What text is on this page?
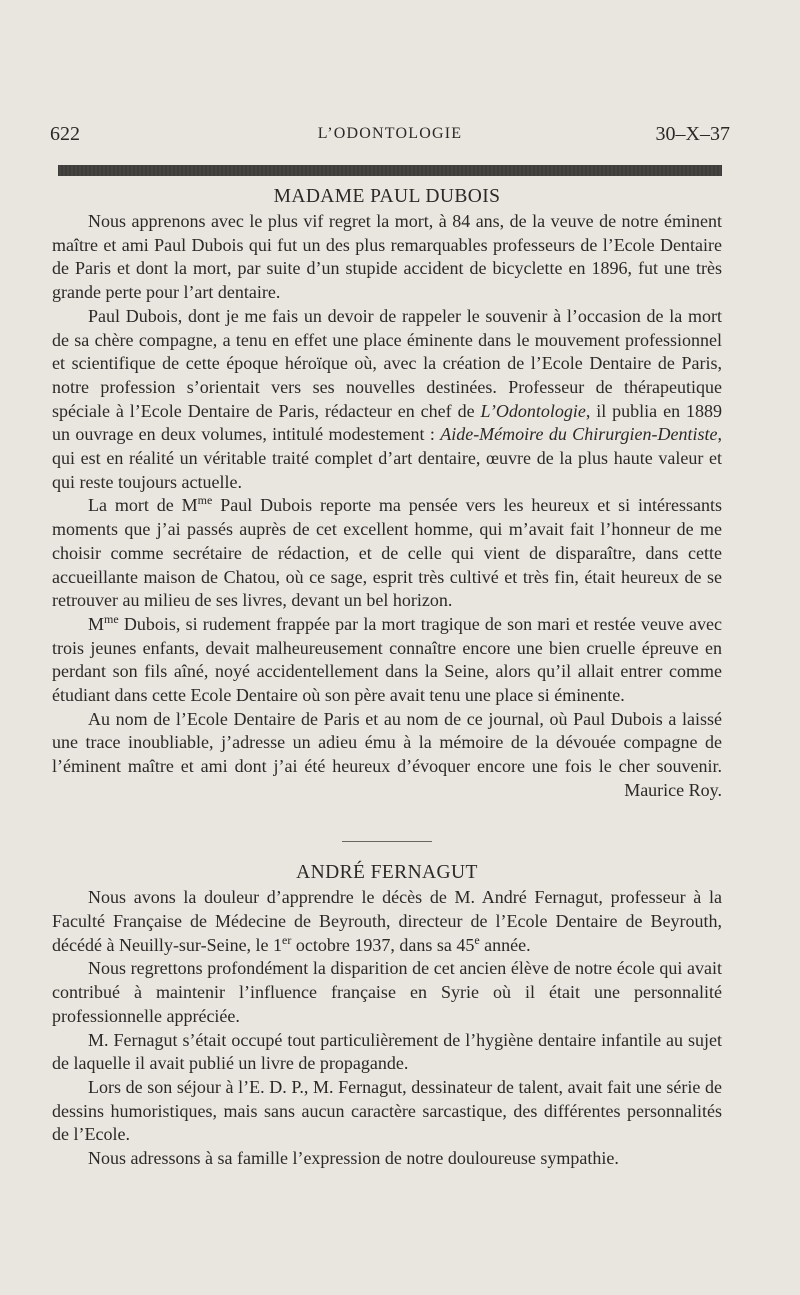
622	L’ODONTOLOGIE	30–X–37
MADAME PAUL DUBOIS

Nous apprenons avec le plus vif regret la mort, à 84 ans, de la veuve de notre éminent maître et ami Paul Dubois qui fut un des plus remarquables professeurs de l’Ecole Dentaire de Paris et dont la mort, par suite d’un stupide accident de bicyclette en 1896, fut une très grande perte pour l’art dentaire.

Paul Dubois, dont je me fais un devoir de rappeler le souvenir à l’occasion de la mort de sa chère compagne, a tenu en effet une place éminente dans le mouvement professionnel et scientifique de cette époque héroïque où, avec la création de l’Ecole Dentaire de Paris, notre profession s’orientait vers ses nouvelles destinées. Professeur de thérapeutique spéciale à l’Ecole Dentaire de Paris, rédacteur en chef de L’Odontologie, il publia en 1889 un ouvrage en deux volumes, intitulé modestement : Aide-Mémoire du Chirurgien-Dentiste, qui est en réalité un véritable traité complet d’art dentaire, œuvre de la plus haute valeur et qui reste toujours actuelle.

La mort de $M^{me}$ Paul Dubois reporte ma pensée vers les heureux et si intéressants moments que j’ai passés auprès de cet excellent homme, qui m’avait fait l’honneur de me choisir comme secrétaire de rédaction, et de celle qui vient de disparaître, dans cette accueillante maison de Chatou, où ce sage, esprit très cultivé et très fin, était heureux de se retrouver au milieu de ses livres, devant un bel horizon.

$M^{me}$ Dubois, si rudement frappée par la mort tragique de son mari et restée veuve avec trois jeunes enfants, devait malheureusement connaître encore une bien cruelle épreuve en perdant son fils aîné, noyé accidentellement dans la Seine, alors qu’il allait entrer comme étudiant dans cette Ecole Dentaire où son père avait tenu une place si éminente.

Au nom de l’Ecole Dentaire de Paris et au nom de ce journal, où Paul Dubois a laissé une trace inoubliable, j’adresse un adieu ému à la mémoire de la dévouée compagne de l’éminent maître et ami dont j’ai été heureux d’évoquer encore une fois le cher souvenir.
Maurice Roy.

ANDRÉ FERNAGUT

Nous avons la douleur d’apprendre le décès de M. André Fernagut, professeur à la Faculté Française de Médecine de Beyrouth, directeur de l’Ecole Dentaire de Beyrouth, décédé à Neuilly-sur-Seine, le 1er octobre 1937, dans sa 45e année.

Nous regrettons profondément la disparition de cet ancien élève de notre école qui avait contribué à maintenir l’influence française en Syrie où il était une personnalité professionnelle appréciée.

M. Fernagut s’était occupé tout particulièrement de l’hygiène dentaire infantile au sujet de laquelle il avait publié un livre de propagande.

Lors de son séjour à l’E. D. P., M. Fernagut, dessinateur de talent, avait fait une série de dessins humoristiques, mais sans aucun caractère sarcastique, des différentes personnalités de l’Ecole.

Nous adressons à sa famille l’expression de notre douloureuse sympathie.
